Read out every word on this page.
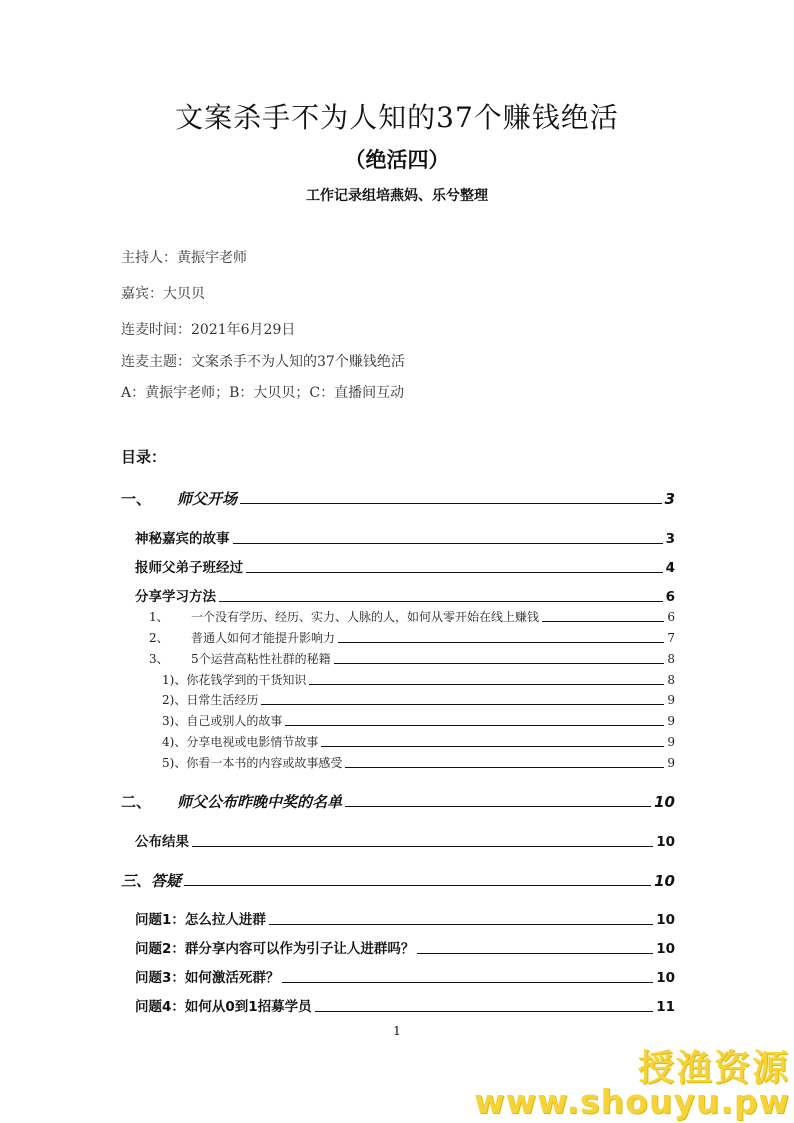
文案杀手不为人知的37个赚钱绝活
（绝活四）
工作记录组培燕妈、乐兮整理
主持人：黄振宇老师
嘉宾：大贝贝
连麦时间：2021年6月29日
连麦主题：文案杀手不为人知的37个赚钱绝活
A：黄振宇老师；B：大贝贝；C：直播间互动
目录：
一、 师父开场	3
神秘嘉宾的故事	3
报师父弟子班经过	4
分享学习方法	6
1、 一个没有学历、经历、实力、人脉的人，如何从零开始在线上赚钱	6
2、 普通人如何才能提升影响力	7
3、 5个运营高粘性社群的秘籍	8
1)、你花钱学到的干货知识	8
2)、日常生活经历	9
3)、自己或别人的故事	9
4)、分享电视或电影情节故事	9
5)、你看一本书的内容或故事感受	9
二、 师父公布昨晚中奖的名单	10
公布结果	10
三、答疑	10
问题1：怎么拉人进群	10
问题2：群分享内容可以作为引子让人进群吗？	10
问题3：如何激活死群？	10
问题4：如何从0到1招募学员	11
1
授渔资源
www.shouyu.pw
